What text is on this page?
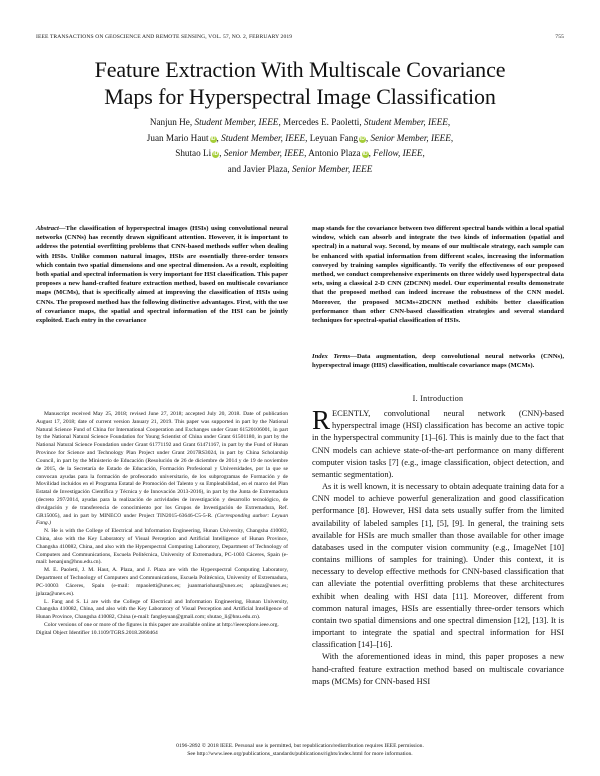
IEEE TRANSACTIONS ON GEOSCIENCE AND REMOTE SENSING, VOL. 57, NO. 2, FEBRUARY 2019	755
Feature Extraction With Multiscale Covariance
Maps for Hyperspectral Image Classification
Nanjun He, Student Member, IEEE, Mercedes E. Paoletti, Student Member, IEEE,
Juan Mario Haut iD, Student Member, IEEE, Leyuan Fang iD, Senior Member, IEEE,
Shutao Li iD, Senior Member, IEEE, Antonio Plaza iD, Fellow, IEEE,
and Javier Plaza, Senior Member, IEEE
Abstract—The classification of hyperspectral images (HSIs) using convolutional neural networks (CNNs) has recently drawn significant attention. However, it is important to address the potential overfitting problems that CNN-based methods suffer when dealing with HSIs. Unlike common natural images, HSIs are essentially three-order tensors which contain two spatial dimensions and one spectral dimension. As a result, exploiting both spatial and spectral information is very important for HSI classification. This paper proposes a new hand-crafted feature extraction method, based on multiscale covariance maps (MCMs), that is specifically aimed at improving the classification of HSIs using CNNs. The proposed method has the following distinctive advantages. First, with the use of covariance maps, the spatial and spectral information of the HSI can be jointly exploited. Each entry in the covariance
map stands for the covariance between two different spectral bands within a local spatial window, which can absorb and integrate the two kinds of information (spatial and spectral) in a natural way. Second, by means of our multiscale strategy, each sample can be enhanced with spatial information from different scales, increasing the information conveyed by training samples significantly. To verify the effectiveness of our proposed method, we conduct comprehensive experiments on three widely used hyperspectral data sets, using a classical 2-D CNN (2DCNN) model. Our experimental results demonstrate that the proposed method can indeed increase the robustness of the CNN model. Moreover, the proposed MCMs+2DCNN method exhibits better classification performance than other CNN-based classification strategies and several standard techniques for spectral-spatial classification of HSIs.
Index Terms—Data augmentation, deep convolutional neural networks (CNNs), hyperspectral image (HIS) classification, multiscale covariance maps (MCMs).

Manuscript received May 25, 2018; revised June 27, 2018; accepted July 20, 2018. Date of publication August 17, 2018; date of current version January 21, 2019. This paper was supported in part by the National Natural Science Fund of China for International Cooperation and Exchanges under Grant 61520106001, in part by the National Natural Science Foundation for Young Scientist of China under Grant 61501180, in part by the National Natural Science Foundation under Grant 61771192 and Grant 61471167, in part by the Fund of Hunan Province for Science and Technology Plan Project under Grant 2017RS3024, in part by China Scholarship Council, in part by the Ministerio de Educación (Resolución de 26 de diciembre de 2014 y de 19 de noviembre de 2015, de la Secretaría de Estado de Educación, Formación Profesional y Universidades, por la que se convocan ayudas para la formación de profesorado universitario, de los subprogramas de Formación y de Movilidad incluidos en el Programa Estatal de Promoción del Talento y su Empleabilidad, en el marco del Plan Estatal de Investigación Científica y Técnica y de Innovación 2013-2016), in part by the Junta de Extremadura (decreto 297/2014, ayudas para la realización de actividades de investigación y desarrollo tecnológico, de divulgación y de transferencia de conocimiento por los Grupos de Investigación de Extremadura, Ref. GR15005), and in part by MINECO under Project TIN2015-63646-C5-5-R. (Corresponding author: Leyuan Fang.)

N. He is with the College of Electrical and Information Engineering, Hunan University, Changsha 410082, China, also with the Key Laboratory of Visual Perception and Artificial Intelligence of Hunan Province, Changsha 410082, China, and also with the Hyperspectral Computing Laboratory, Department of Technology of Computers and Communications, Escuela Politécnica, University of Extremadura, PC-1003 Cáceres, Spain (e-mail: henanjun@hnu.edu.cn).

M. E. Paoletti, J. M. Haut, A. Plaza, and J. Plaza are with the Hyperspectral Computing Laboratory, Department of Technology of Computers and Communications, Escuela Politécnica, University of Extremadura, PC-10003 Cáceres, Spain (e-mail: mpaoletti@unex.es; juanmariohaut@unex.es; aplaza@unex.es; jplaza@unex.es).

L. Fang and S. Li are with the College of Electrical and Information Engineering, Hunan University, Changsha 410082, China, and also with the Key Laboratory of Visual Perception and Artificial Intelligence of Hunan Province, Changsha 410082, China (e-mail: fangleyuan@gmail.com; shutao_li@hnu.edu.cn).

Color versions of one or more of the figures in this paper are available online at http://ieeexplore.ieee.org.

Digital Object Identifier 10.1109/TGRS.2018.2860464

I. Introduction

RECENTLY, convolutional neural network (CNN)-based hyperspectral image (HSI) classification has become an active topic in the hyperspectral community [1]–[6]. This is mainly due to the fact that CNN models can achieve state-of-the-art performance on many different computer vision tasks [7] (e.g., image classification, object detection, and semantic segmentation).

As it is well known, it is necessary to obtain adequate training data for a CNN model to achieve powerful generalization and good classification performance [8]. However, HSI data sets usually suffer from the limited availability of labeled samples [1], [5], [9]. In general, the training sets available for HSIs are much smaller than those available for other image databases used in the computer vision community (e.g., ImageNet [10] contains millions of samples for training). Under this context, it is necessary to develop effective methods for CNN-based classification that can alleviate the potential overfitting problems that these architectures exhibit when dealing with HSI data [11]. Moreover, different from common natural images, HSIs are essentially three-order tensors which contain two spatial dimensions and one spectral dimension [12], [13]. It is important to integrate the spatial and spectral information for HSI classification [14]–[16].

With the aforementioned ideas in mind, this paper proposes a new hand-crafted feature extraction method based on multiscale covariance maps (MCMs) for CNN-based HSI

0196-2892 © 2018 IEEE. Personal use is permitted, but republication/redistribution requires IEEE permission.
See http://www.ieee.org/publications_standards/publications/rights/index.html for more information.
